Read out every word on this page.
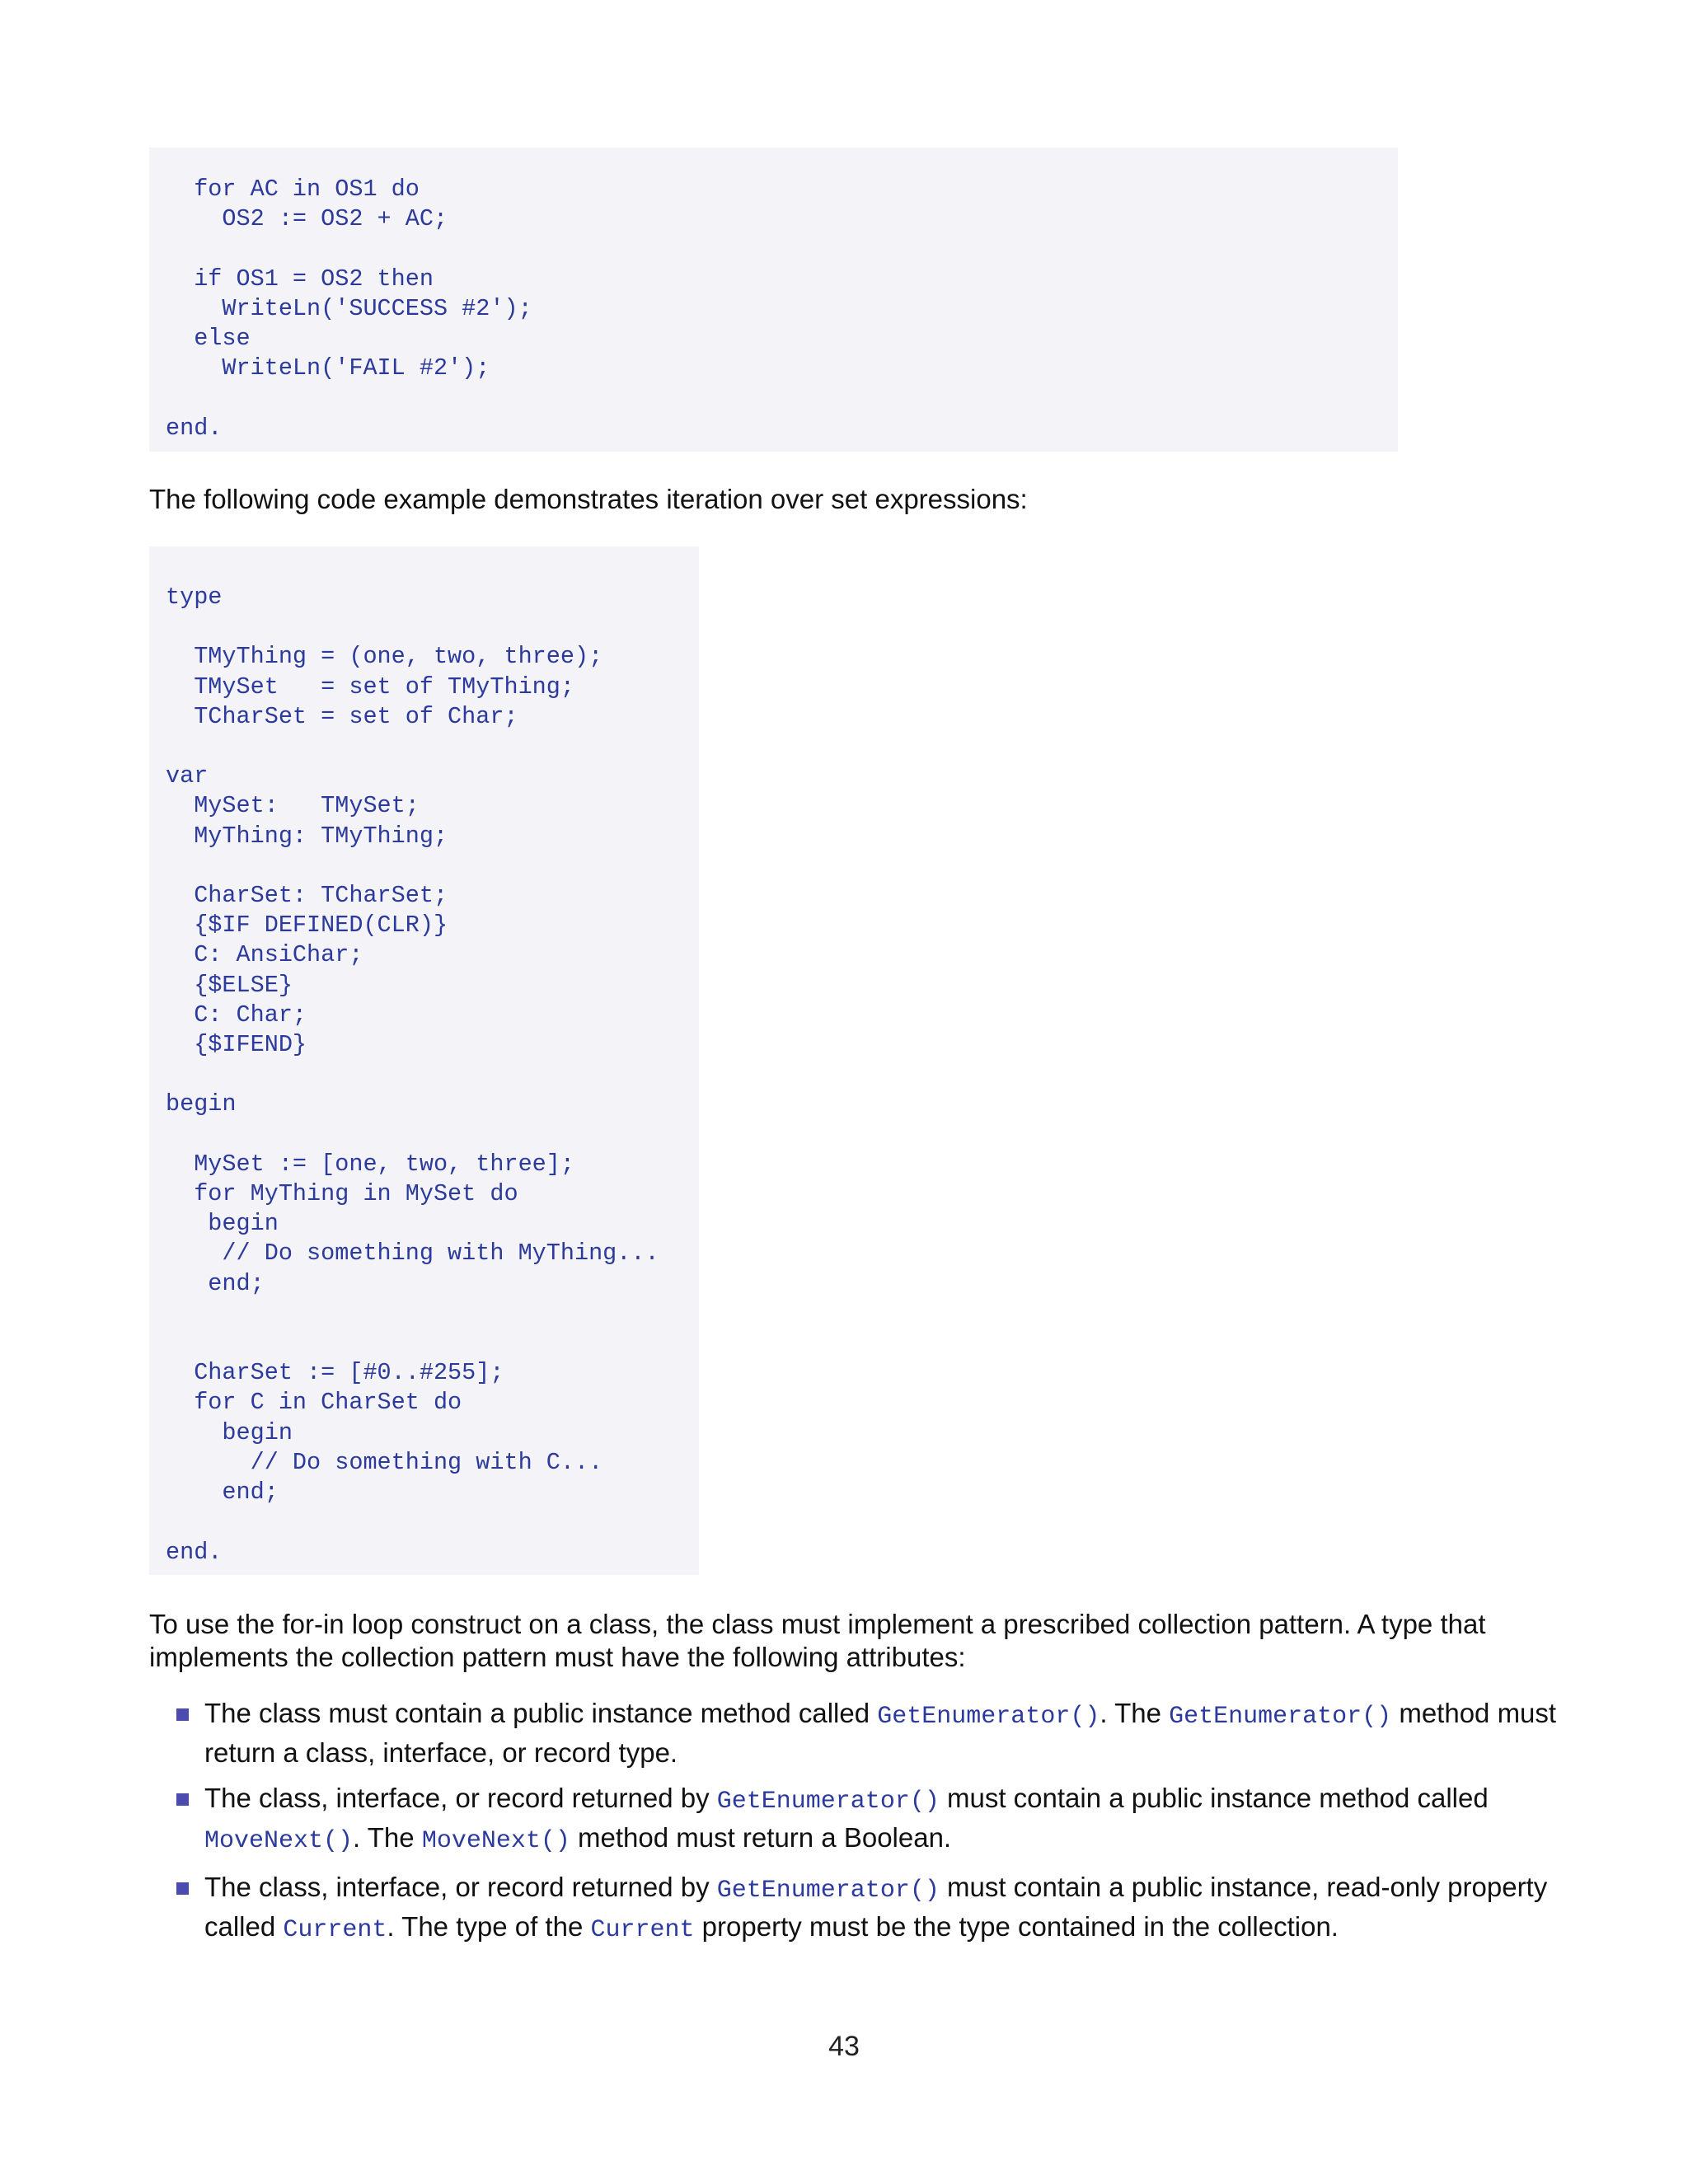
for AC in OS1 do
OS2 := OS2 + AC;

if OS1 = OS2 then
WriteLn('SUCCESS #2');
else
WriteLn('FAIL #2');

end.

The following code example demonstrates iteration over set expressions:

type

TMyThing = (one, two, three);
TMySet   = set of TMyThing;
TCharSet = set of Char;

var
MySet:   TMySet;
MyThing: TMyThing;

CharSet: TCharSet;
{$IF DEFINED(CLR)}
C: AnsiChar;
{$ELSE}
C: Char;
{$IFEND}

begin

MySet := [one, two, three];
for MyThing in MySet do
begin
// Do something with MyThing...
end;

CharSet := [#0..#255];
for C in CharSet do
begin
// Do something with C...
end;

end.

To use the for-in loop construct on a class, the class must implement a prescribed collection pattern. A type that implements the collection pattern must have the following attributes:

The class must contain a public instance method called GetEnumerator(). The GetEnumerator() method must return a class, interface, or record type.
The class, interface, or record returned by GetEnumerator() must contain a public instance method called MoveNext(). The MoveNext() method must return a Boolean.
The class, interface, or record returned by GetEnumerator() must contain a public instance, read-only property called Current. The type of the Current property must be the type contained in the collection.
43
